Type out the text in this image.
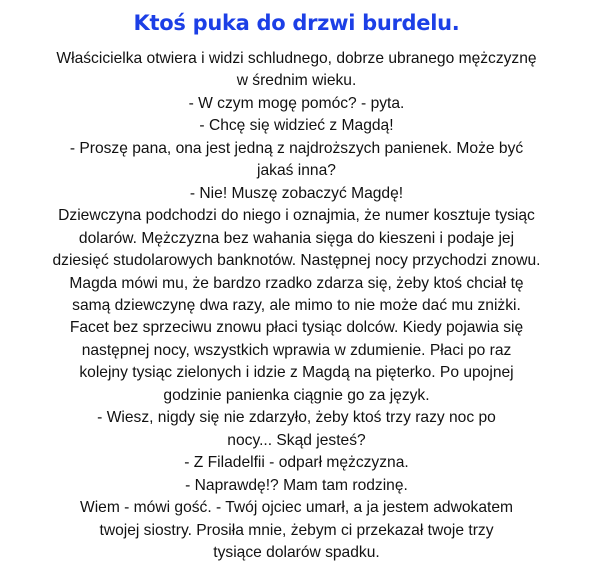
Ktoś puka do drzwi burdelu.
Właścicielka otwiera i widzi schludnego, dobrze ubranego mężczyznę
w średnim wieku.
- W czym mogę pomóc? - pyta.
- Chcę się widzieć z Magdą!
- Proszę pana, ona jest jedną z najdroższych panienek. Może być
jakaś inna?
- Nie! Muszę zobaczyć Magdę!
Dziewczyna podchodzi do niego i oznajmia, że numer kosztuje tysiąc
dolarów. Mężczyzna bez wahania sięga do kieszeni i podaje jej
dziesięć studolarowych banknotów. Następnej nocy przychodzi znowu.
Magda mówi mu, że bardzo rzadko zdarza się, żeby ktoś chciał tę
samą dziewczynę dwa razy, ale mimo to nie może dać mu zniżki.
Facet bez sprzeciwu znowu płaci tysiąc dolców. Kiedy pojawia się
następnej nocy, wszystkich wprawia w zdumienie. Płaci po raz
kolejny tysiąc zielonych i idzie z Magdą na pięterko. Po upojnej
godzinie panienka ciągnie go za język.
- Wiesz, nigdy się nie zdarzyło, żeby ktoś trzy razy noc po
nocy... Skąd jesteś?
- Z Filadelfii - odparł mężczyzna.
- Naprawdę!? Mam tam rodzinę.
Wiem - mówi gość. - Twój ojciec umarł, a ja jestem adwokatem
twojej siostry. Prosiła mnie, żebym ci przekazał twoje trzy
tysiące dolarów spadku.
